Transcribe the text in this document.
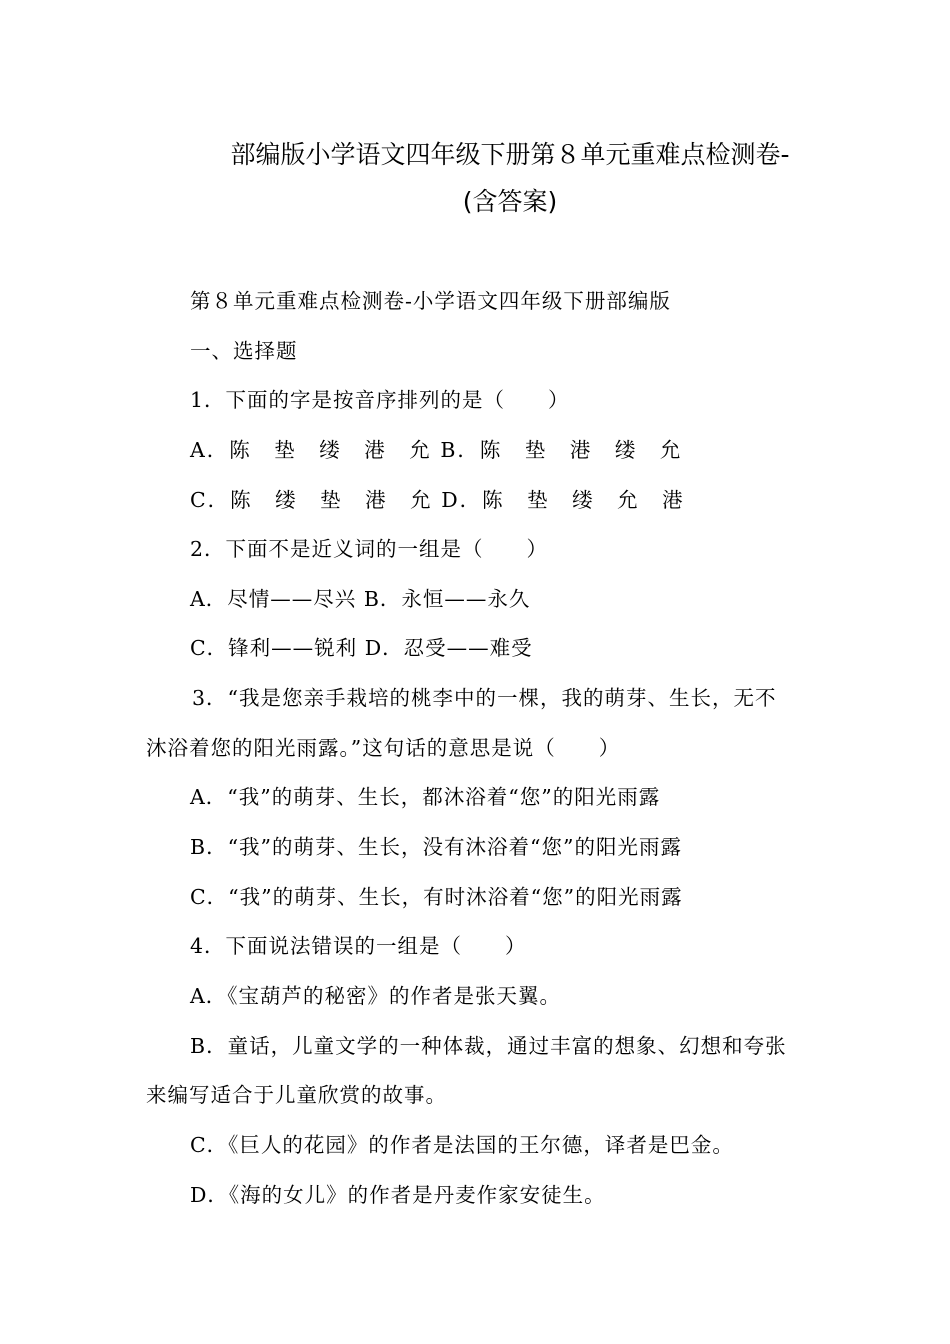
部编版小学语文四年级下册第８单元重难点检测卷-
(含答案)
第８单元重难点检测卷-小学语文四年级下册部编版
一、选择题
1．下面的字是按音序排列的是（　　）
A．陈　垫　缕　港　允 B．陈　垫　港　缕　允
C．陈　缕　垫　港　允 D．陈　垫　缕　允　港
2．下面不是近义词的一组是（　　）
A．尽情——尽兴 B．永恒——永久
C．锋利——锐利 D．忍受——难受
3．“我是您亲手栽培的桃李中的一棵，我的萌芽、生长，无不
沐浴着您的阳光雨露。”这句话的意思是说（　　）
A．“我”的萌芽、生长，都沐浴着“您”的阳光雨露
B．“我”的萌芽、生长，没有沐浴着“您”的阳光雨露
C．“我”的萌芽、生长，有时沐浴着“您”的阳光雨露
4．下面说法错误的一组是（　　）
A．《宝葫芦的秘密》的作者是张天翼。
B．童话，儿童文学的一种体裁，通过丰富的想象、幻想和夸张
来编写适合于儿童欣赏的故事。
C．《巨人的花园》的作者是法国的王尔德，译者是巴金。
D．《海的女儿》的作者是丹麦作家安徒生。
